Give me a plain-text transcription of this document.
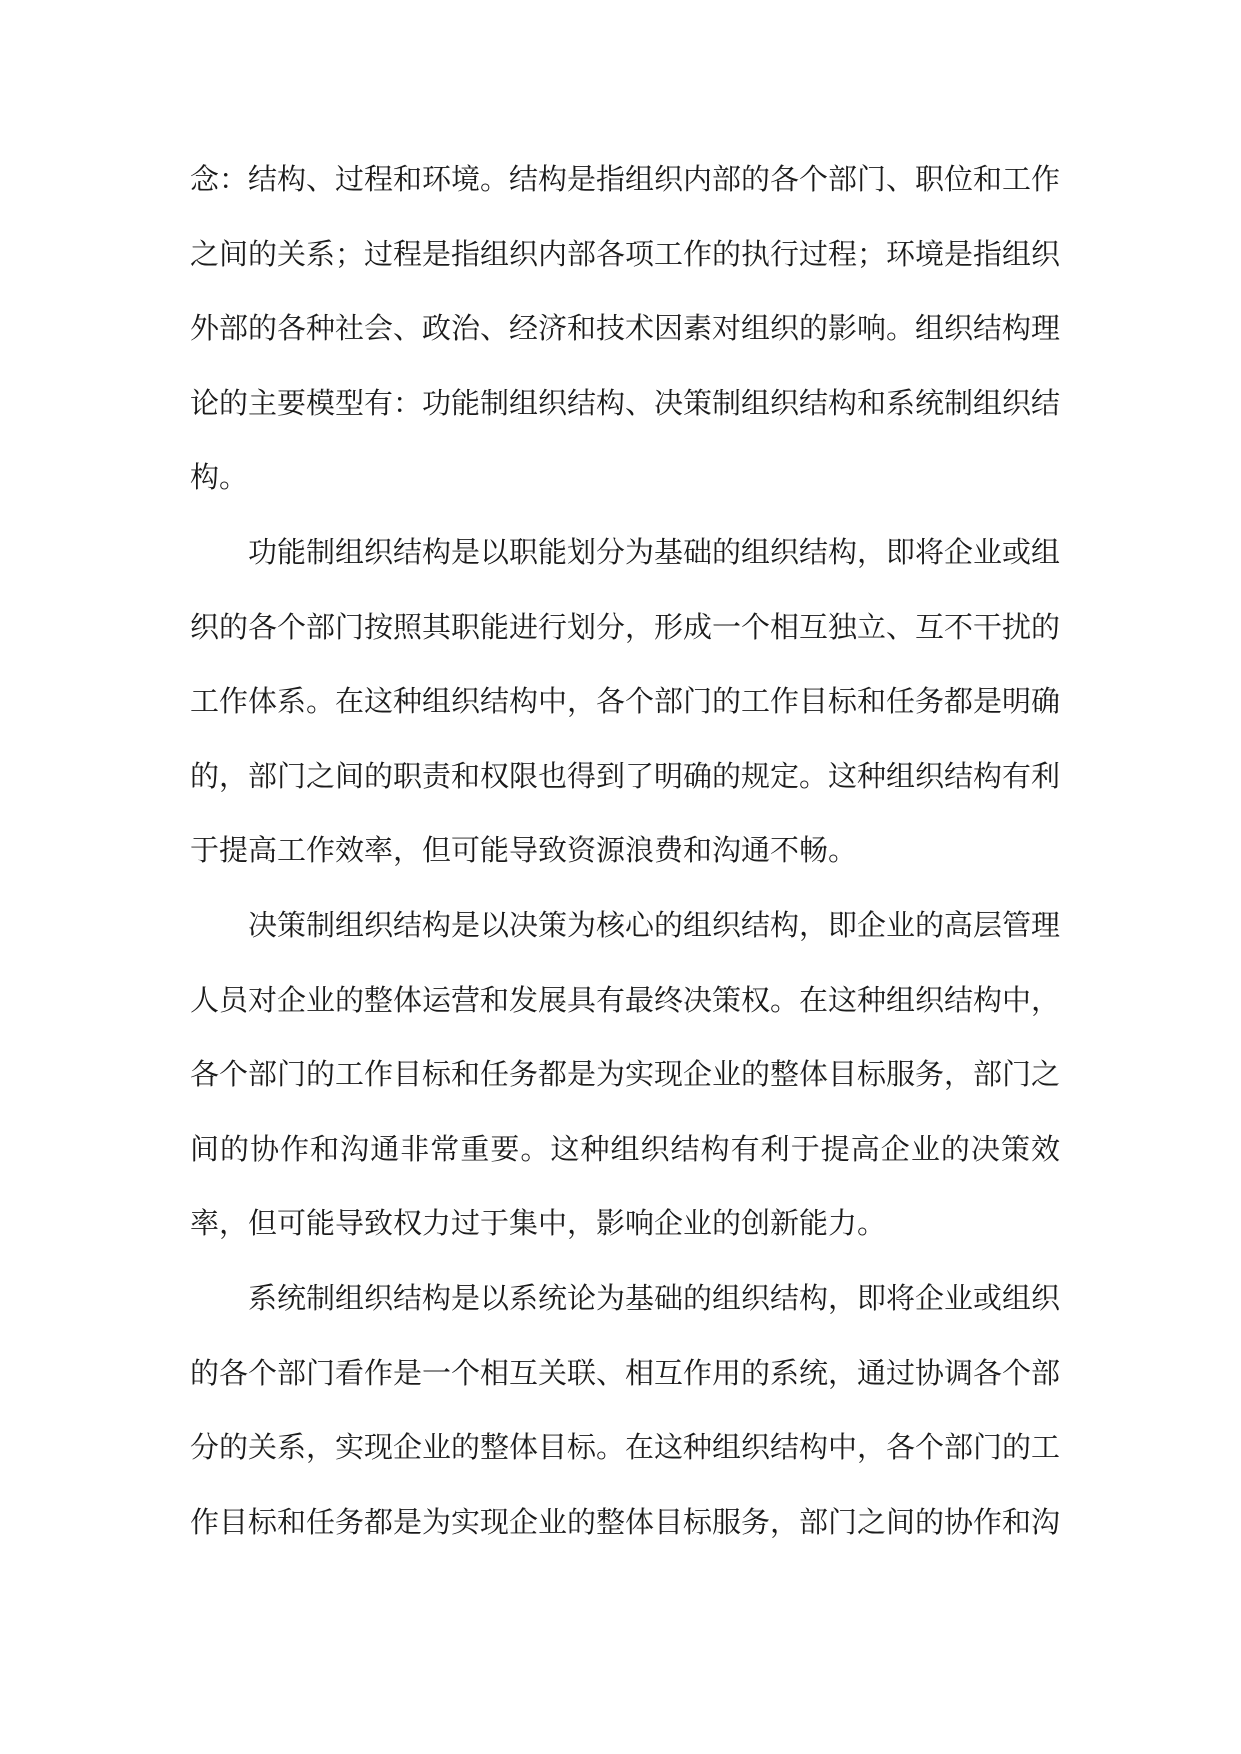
念：结构、过程和环境。结构是指组织内部的各个部门、职位和工作之间的关系；过程是指组织内部各项工作的执行过程；环境是指组织外部的各种社会、政治、经济和技术因素对组织的影响。组织结构理论的主要模型有：功能制组织结构、决策制组织结构和系统制组织结构。

功能制组织结构是以职能划分为基础的组织结构，即将企业或组织的各个部门按照其职能进行划分，形成一个相互独立、互不干扰的工作体系。在这种组织结构中，各个部门的工作目标和任务都是明确的，部门之间的职责和权限也得到了明确的规定。这种组织结构有利于提高工作效率，但可能导致资源浪费和沟通不畅。

决策制组织结构是以决策为核心的组织结构，即企业的高层管理人员对企业的整体运营和发展具有最终决策权。在这种组织结构中，各个部门的工作目标和任务都是为实现企业的整体目标服务，部门之间的协作和沟通非常重要。这种组织结构有利于提高企业的决策效率，但可能导致权力过于集中，影响企业的创新能力。

系统制组织结构是以系统论为基础的组织结构，即将企业或组织的各个部门看作是一个相互关联、相互作用的系统，通过协调各个部分的关系，实现企业的整体目标。在这种组织结构中，各个部门的工作目标和任务都是为实现企业的整体目标服务，部门之间的协作和沟
